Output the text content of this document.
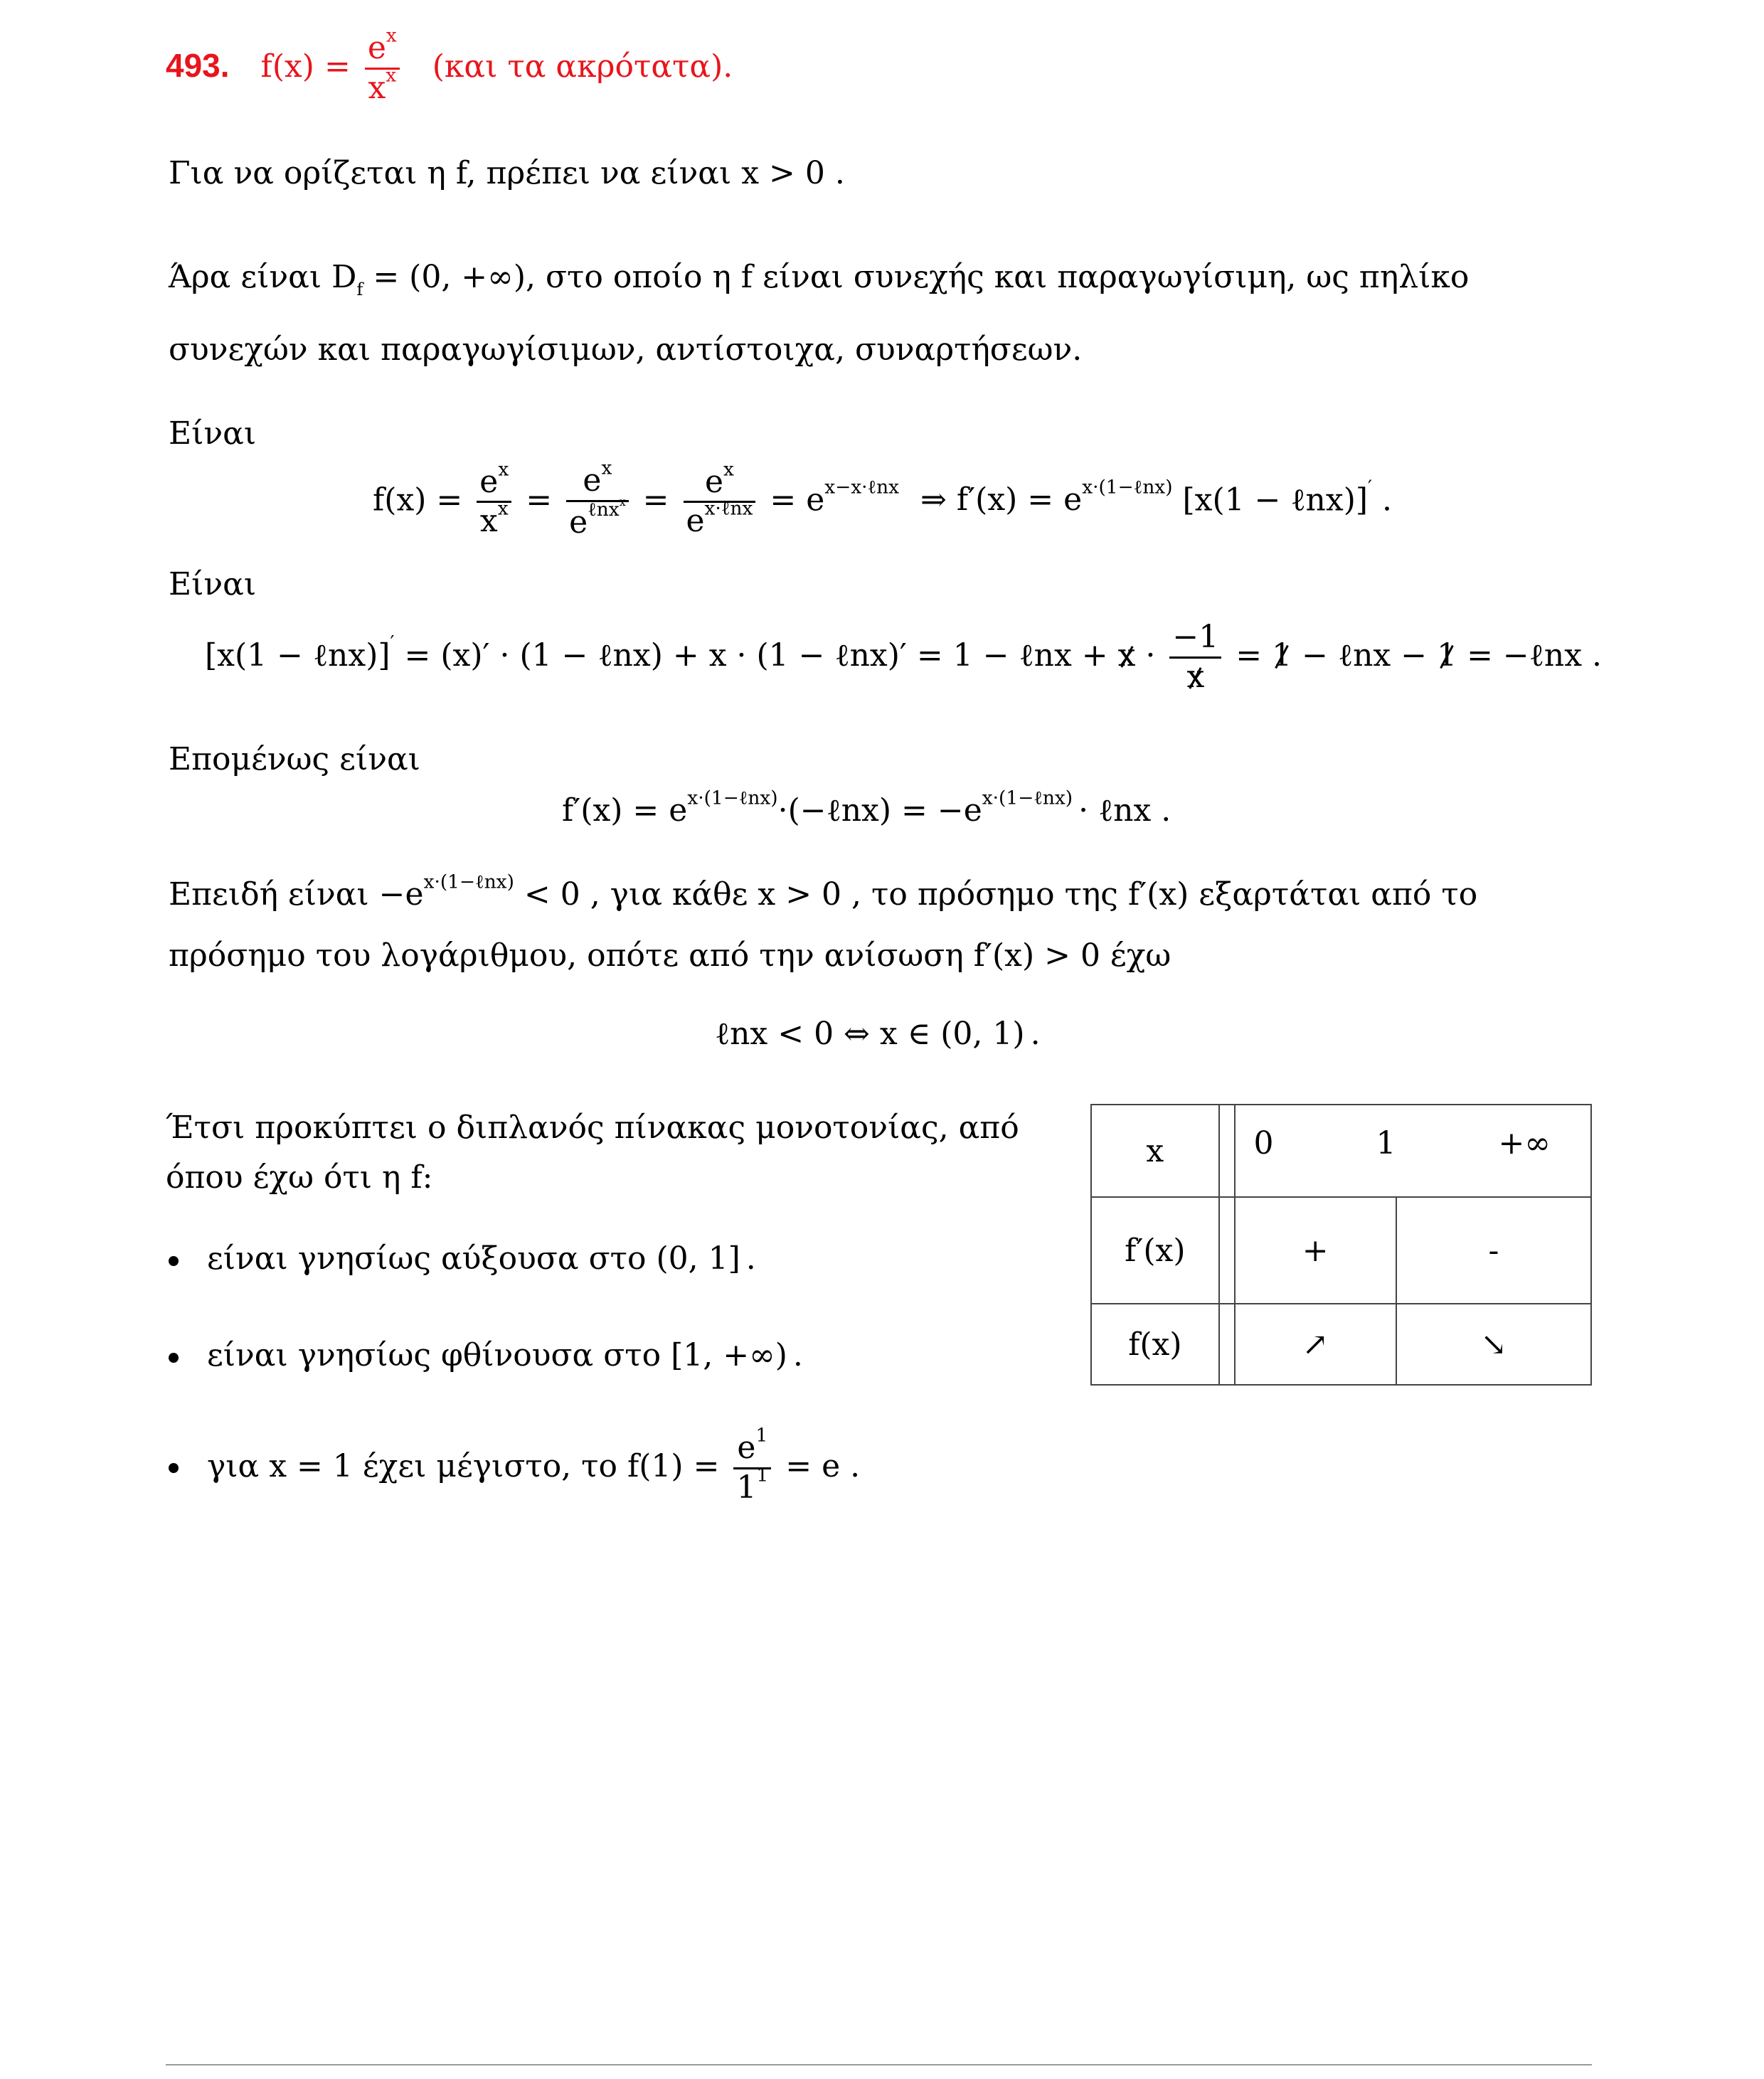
493. $f(x) = \frac{e^x}{x^x} (\kappa\alpha\iota$ τα ακρότατα).
Για να ορίζεται η f, πρέπει να είναι x > 0 .
Άρα είναι $D_f = (0$, +∞), στο οποίο η f είναι συνεχής και παραγωγίσιμη, ως πηλίκο
συνεχών και παραγωγίσιμων, αντίστοιχα, συναρτήσεων.
Είναι
$f(x) = \frac{e^x}{x^x} = \frac{e^x}{e^{\ell nx^x}} = \frac{e^x}{e^{x\cdot\ell nx}} = e^{x-x\cdot\ell nx}$ ⇒ $f'(x) = e^{x\cdot(1-\ell nx)}$ [x(1 − ℓnx)]′ .
Είναι
[x(1 − ℓnx)]′ = (x)′ · (1 − ℓnx) + x · (1 − ℓnx)′ = 1 − ℓnx + $x \cdot \frac{-1}{x} = 1$ − ℓnx − 1 = −ℓnx .
Επομένως είναι
$f'(x) = e^{x\cdot(1-\ell nx)}\cdot(-\ell nx) = -e^{x\cdot(1-\ell nx)}$ · ℓnx .
Επειδή $\varepsilon ί\nu\alpha\iota -e^{x\cdot(1-\ell nx)} < 0$ , για κάθε x > 0 , το πρόσημο της f′(x) εξαρτάται από το
πρόσημο του λογάριθμου, οπότε από την ανίσωση f′(x) > 0 έχω
ℓnx < 0 ⇔ x ∈ (0, 1) .
Έτσι προκύπτει ο διπλανός πίνακας μονοτονίας, από
όπου έχω ότι η f:
είναι γνησίως αύξουσα στο (0, 1] .
είναι γνησίως φθίνουσα στο [1, +∞) .
για x = 1 έχει μέγιστο, το $f(1) = \frac{e^1}{1^1} = e$ .
x		0 1 +∞	

f′(x)		+	-
f(x)		↗	↘
